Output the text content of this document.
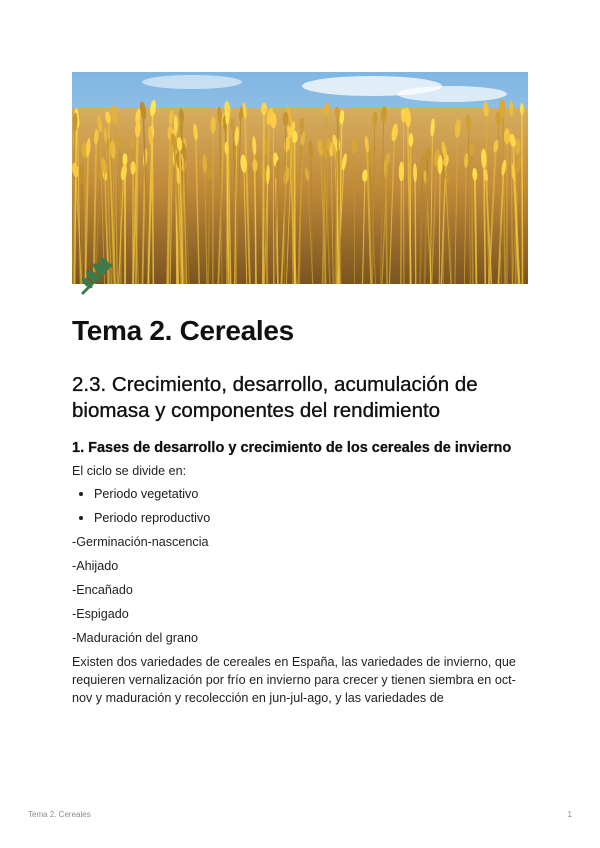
Tema 2. Cereales
2.3. Crecimiento, desarrollo, acumulación de biomasa y componentes del rendimiento
1. Fases de desarrollo y crecimiento de los cereales de invierno

El ciclo se divide en:

Periodo vegetativo
Periodo reproductivo

-Germinación-nascencia

-Ahijado

-Encañado

-Espigado

-Maduración del grano

Existen dos variedades de cereales en España, las variedades de invierno, que requieren vernalización por frío en invierno para crecer y tienen siembra en oct-nov y maduración y recolección en jun-jul-ago, y las variedades de

Tema 2. Cereales	1
